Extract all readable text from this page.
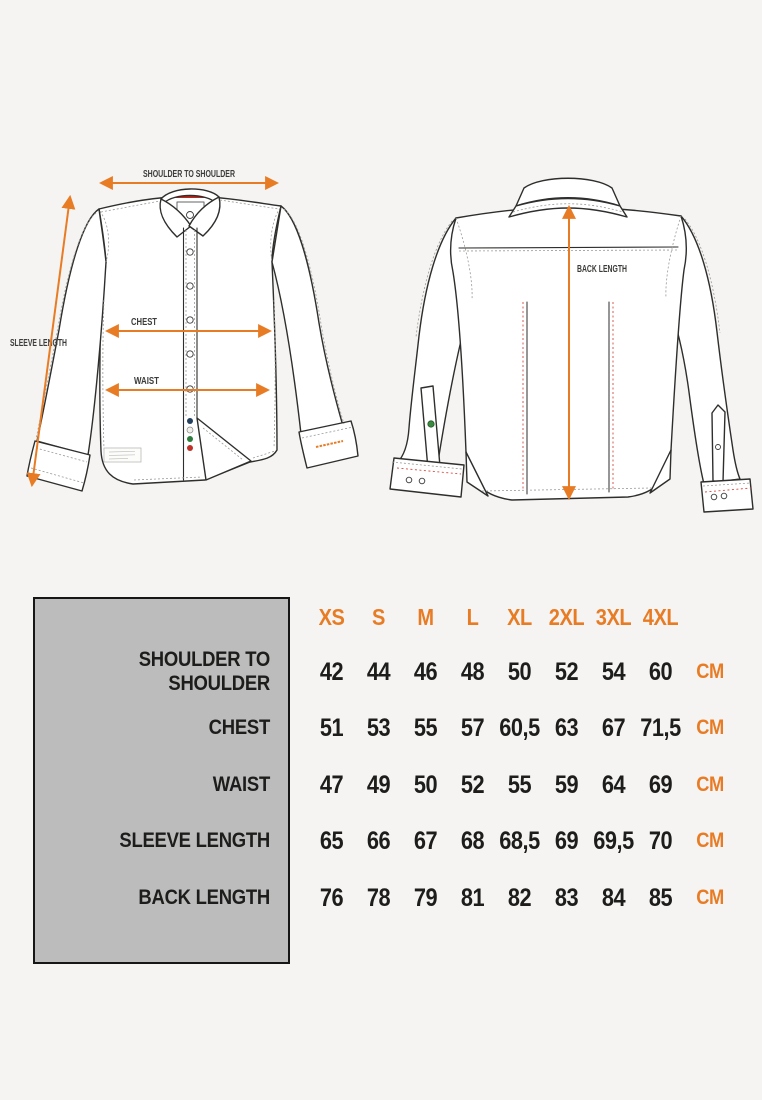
SHOULDER TO SHOULDER
CHEST
WAIST
SLEEVE LENGTH
BACK LENGTH
XS	S	M	L	XL 2XL 3XL 4XL
SHOULDER TO SHOULDER	42 44 46 48 50 52 54 60	CM
CHEST	51 53 55 57 60,5 63 67 71,5 CM
WAIST	47 49 50 52 55 59 64 69	CM
SLEEVE LENGTH	65 66 67 68 68,5 69 69,5 70	CM
BACK LENGTH	76 78 79 81 82 83 84 85	CM
